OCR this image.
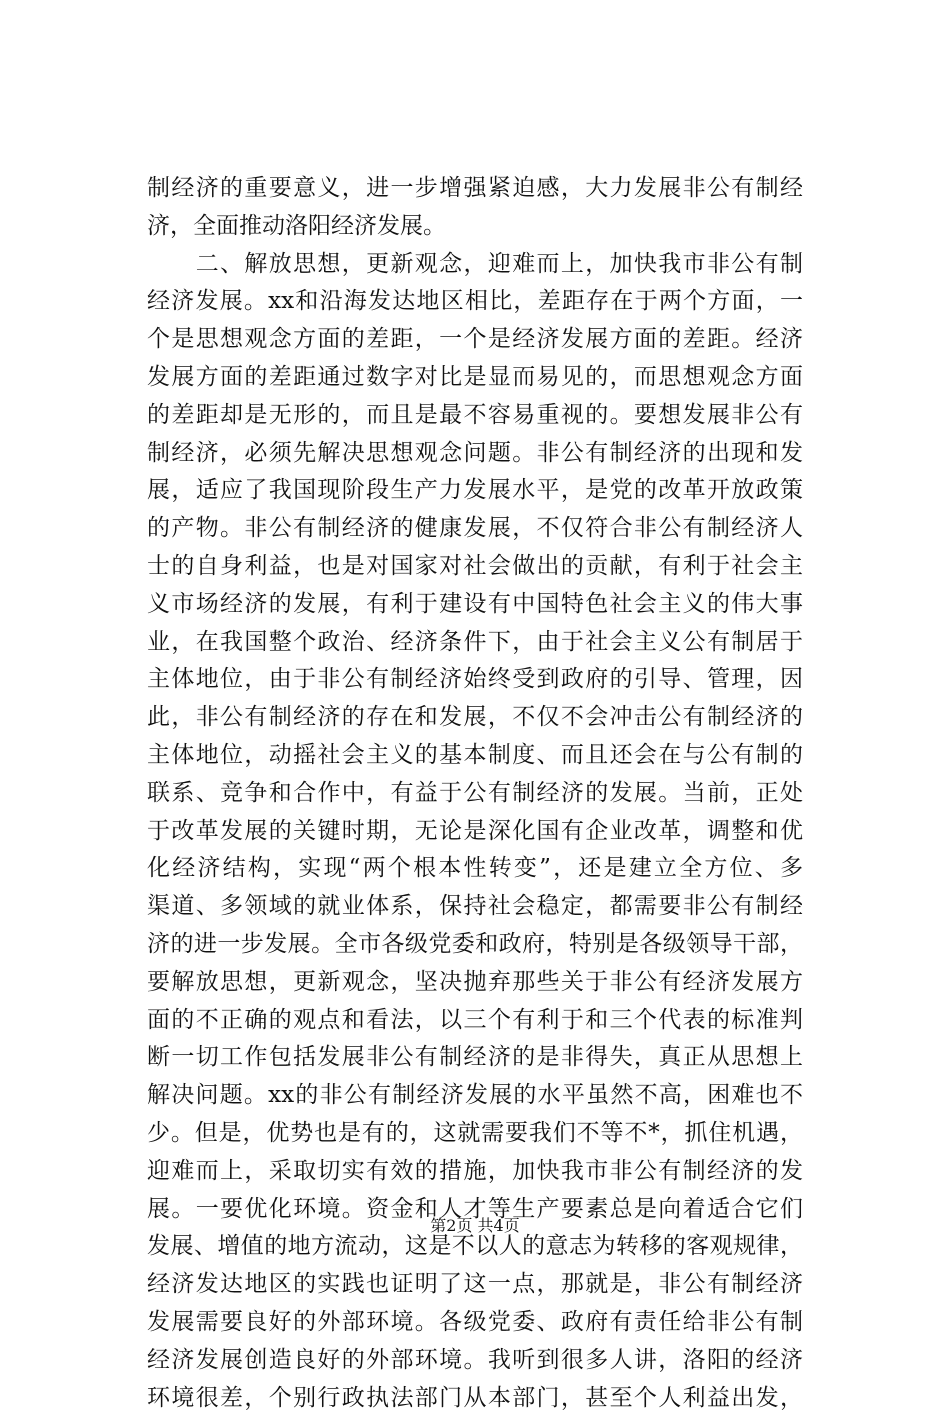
制经济的重要意义，进一步增强紧迫感，大力发展非公有制经
济，全面推动洛阳经济发展。
　　二、解放思想，更新观念，迎难而上，加快我市非公有制
经济发展。xx和沿海发达地区相比，差距存在于两个方面，一
个是思想观念方面的差距，一个是经济发展方面的差距。经济
发展方面的差距通过数字对比是显而易见的，而思想观念方面
的差距却是无形的，而且是最不容易重视的。要想发展非公有
制经济，必须先解决思想观念问题。非公有制经济的出现和发
展，适应了我国现阶段生产力发展水平，是党的改革开放政策
的产物。非公有制经济的健康发展，不仅符合非公有制经济人
士的自身利益，也是对国家对社会做出的贡献，有利于社会主
义市场经济的发展，有利于建设有中国特色社会主义的伟大事
业，在我国整个政治、经济条件下，由于社会主义公有制居于
主体地位，由于非公有制经济始终受到政府的引导、管理，因
此，非公有制经济的存在和发展，不仅不会冲击公有制经济的
主体地位，动摇社会主义的基本制度、而且还会在与公有制的
联系、竞争和合作中，有益于公有制经济的发展。当前，正处
于改革发展的关键时期，无论是深化国有企业改革，调整和优
化经济结构，实现“两个根本性转变”，还是建立全方位、多
渠道、多领域的就业体系，保持社会稳定，都需要非公有制经
济的进一步发展。全市各级党委和政府，特别是各级领导干部，
要解放思想，更新观念，坚决抛弃那些关于非公有经济发展方
面的不正确的观点和看法，以三个有利于和三个代表的标准判
断一切工作包括发展非公有制经济的是非得失，真正从思想上
解决问题。xx的非公有制经济发展的水平虽然不高，困难也不
少。但是，优势也是有的，这就需要我们不等不*，抓住机遇，
迎难而上，采取切实有效的措施，加快我市非公有制经济的发
展。一要优化环境。资金和人才等生产要素总是向着适合它们
发展、增值的地方流动，这是不以人的意志为转移的客观规律，
经济发达地区的实践也证明了这一点，那就是，非公有制经济
发展需要良好的外部环境。各级党委、政府有责任给非公有制
经济发展创造良好的外部环境。我听到很多人讲，洛阳的经济
环境很差，个别行政执法部门从本部门，甚至个人利益出发，
第2页 共4页
